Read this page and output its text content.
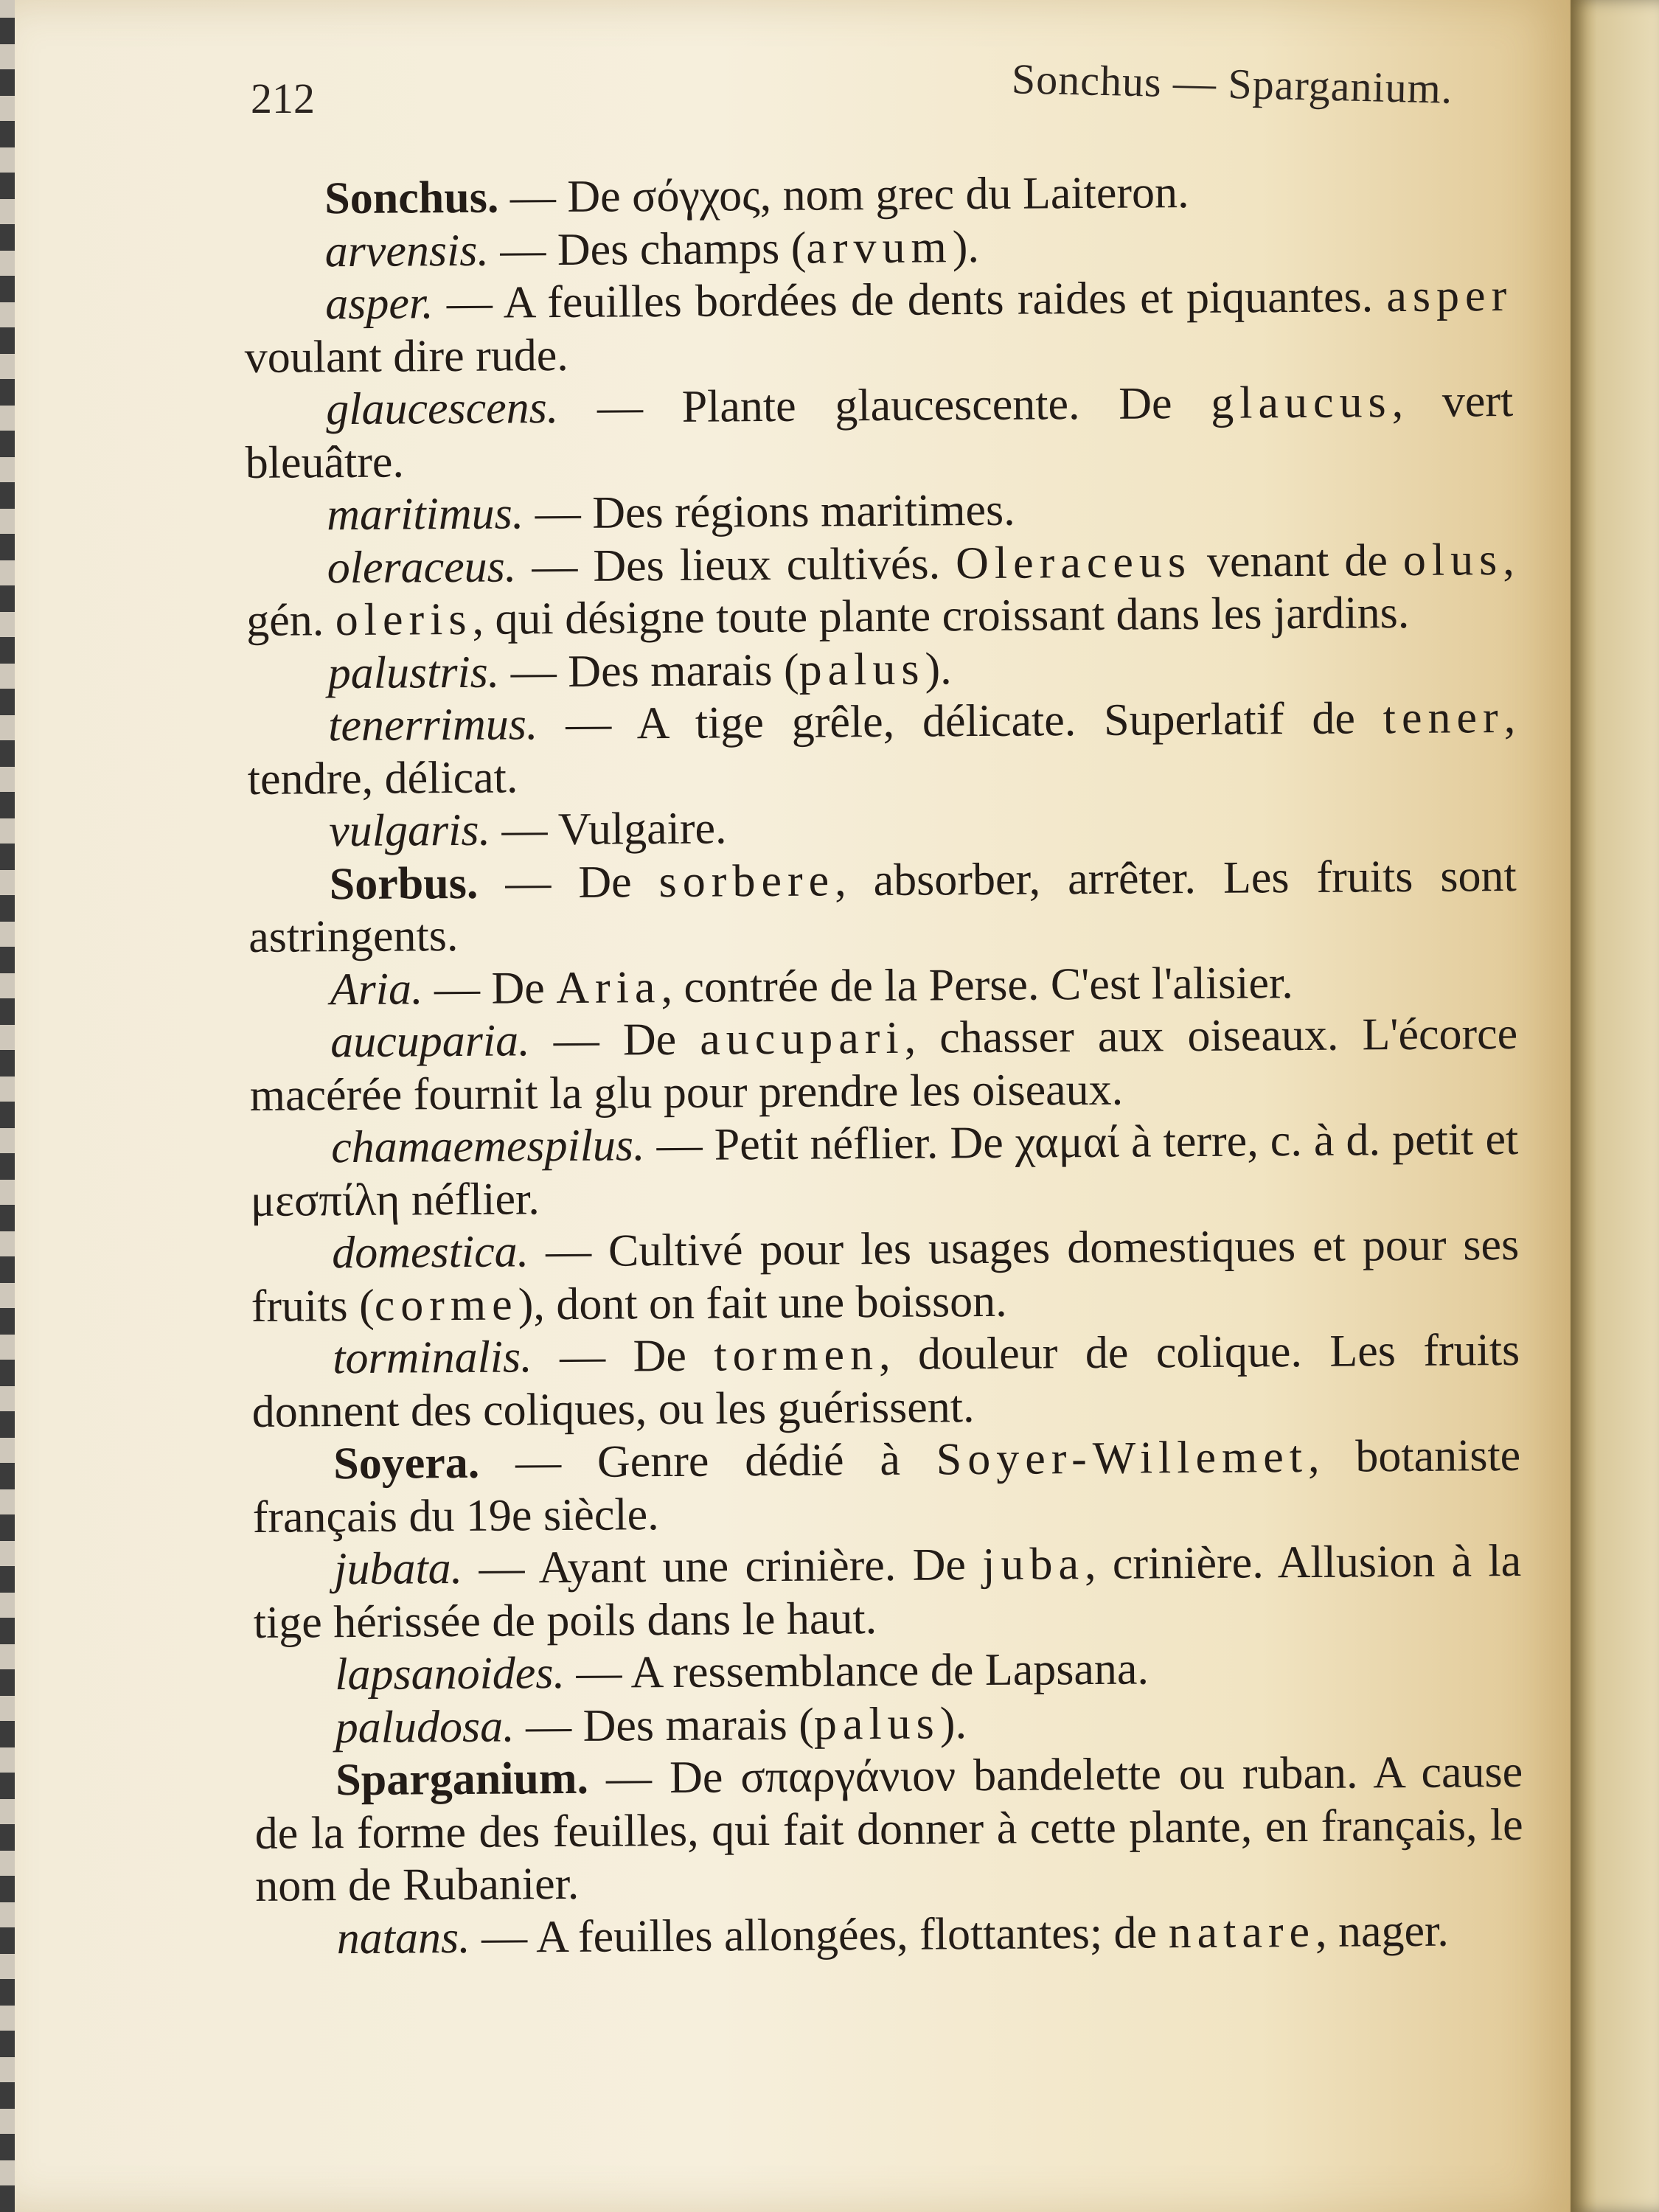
212	Sonchus — Sparganium.

Sonchus. — De σόγχος, nom grec du Laiteron.

arvensis. — Des champs (arvum).

asper. — A feuilles bordées de dents raides et piquantes. asper voulant dire rude.

glaucescens. — Plante glaucescente. De glaucus, vert bleuâtre.

maritimus. — Des régions maritimes.

oleraceus. — Des lieux cultivés. Oleraceus venant de olus, gén. oleris, qui désigne toute plante croissant dans les jardins.

palustris. — Des marais (palus).

tenerrimus. — A tige grêle, délicate. Superlatif de tener, tendre, délicat.

vulgaris. — Vulgaire.

Sorbus. — De sorbere, absorber, arrêter. Les fruits sont astringents.

Aria. — De Aria, contrée de la Perse. C'est l'alisier.

aucuparia. — De aucupari, chasser aux oiseaux. L'écorce macérée fournit la glu pour prendre les oiseaux.

chamaemespilus. — Petit néflier. De χαμαί à terre, c. à d. petit et μεσπίλη néflier.

domestica. — Cultivé pour les usages domestiques et pour ses fruits (corme), dont on fait une boisson.

torminalis. — De tormen, douleur de colique. Les fruits donnent des coliques, ou les guérissent.

Soyera. — Genre dédié à Soyer-Willemet, botaniste français du 19e siècle.

jubata. — Ayant une crinière. De juba, crinière. Allusion à la tige hérissée de poils dans le haut.

lapsanoides. — A ressemblance de Lapsana.

paludosa. — Des marais (palus).

Sparganium. — De σπαργάνιον bandelette ou ruban. A cause de la forme des feuilles, qui fait donner à cette plante, en français, le nom de Rubanier.

natans. — A feuilles allongées, flottantes; de natare, nager.
